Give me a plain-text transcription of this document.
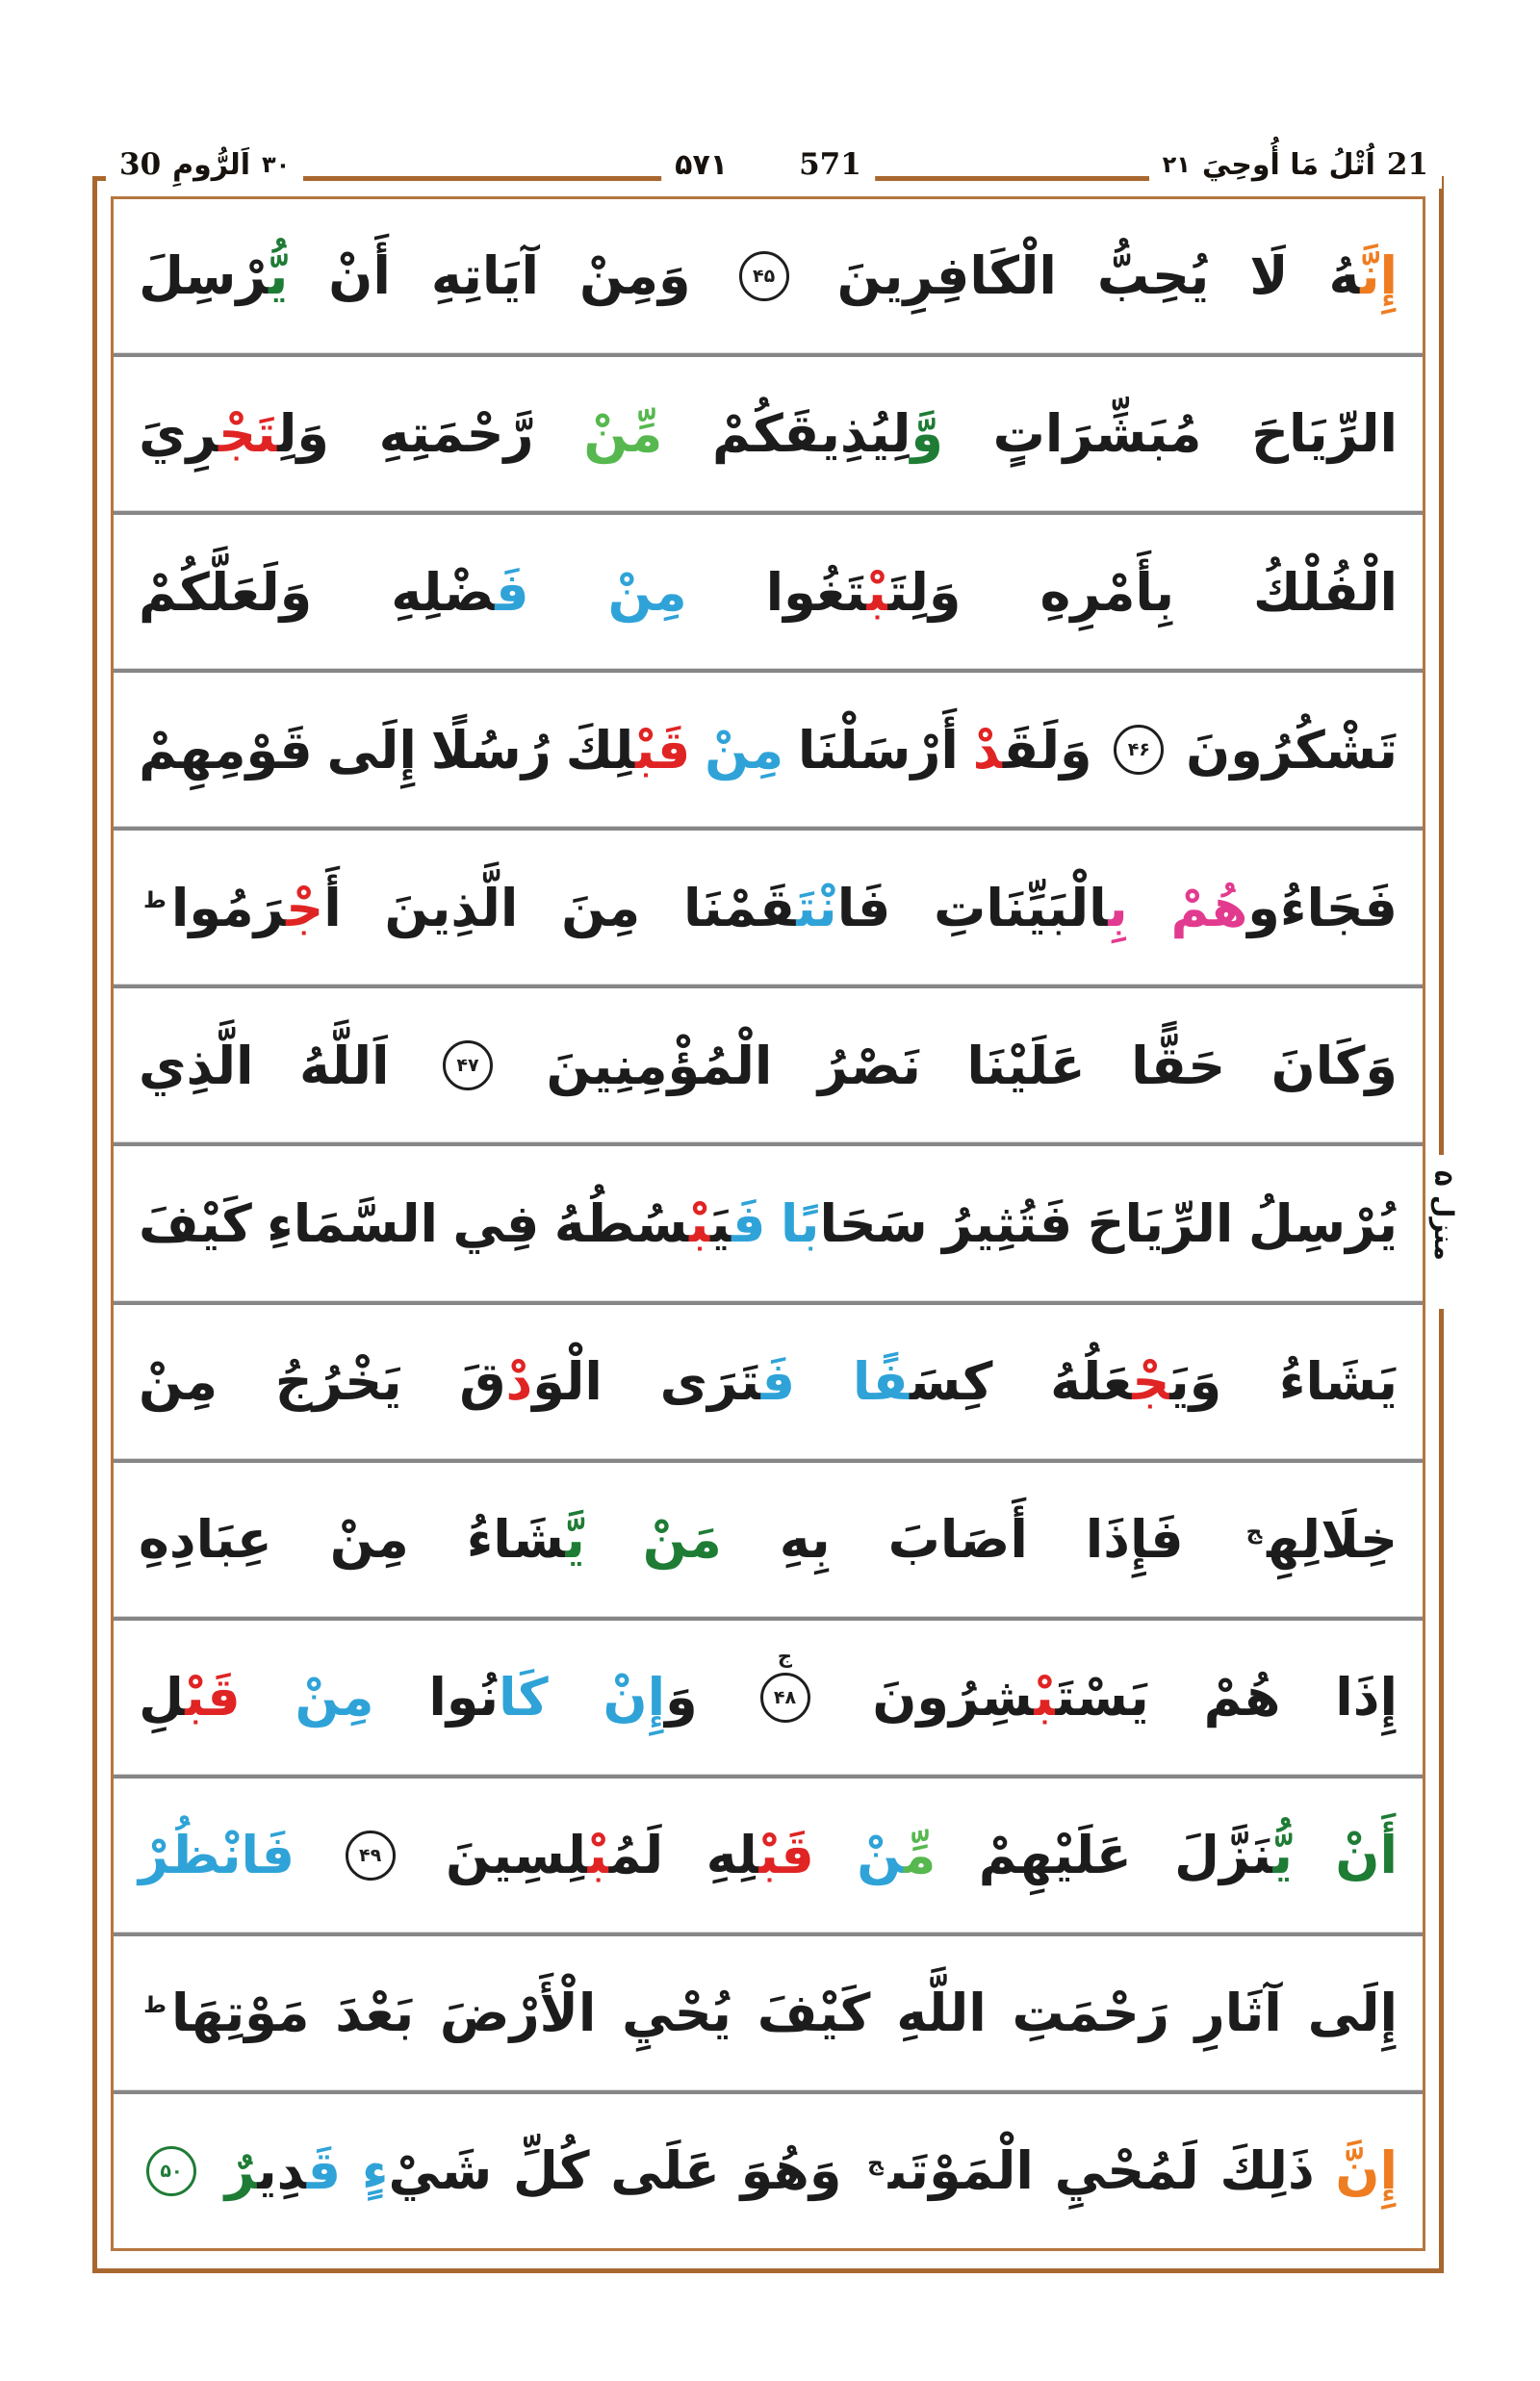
30 اَلرُّومِ ۳۰	۵۷۱ 571	۲۱ اُتْلُ مَا أُوحِيَ 21
منزل ۵
إِنَّ‍‍هُ
لَا
يُحِبُّ
الْكَافِرِينَ
۴۵
وَمِنْ
آيَاتِهِ
أَنْ
يُّ‍‍رْسِلَ
الرِّيَاحَ
مُبَشِّرَاتٍ
وَّلِيُذِيقَكُمْ
مِّنْ
رَّحْمَتِهِ
وَلِ‍‍تَجْ‍‍رِيَ
الْفُلْكُ
بِأَمْرِهِ
وَلِتَ‍‍بْ‍‍تَغُوا
مِنْ
فَ‍‍ضْلِهِ
وَلَعَلَّكُمْ
تَشْكُرُونَ
۴۶
وَلَقَ‍‍دْ
أَرْسَلْنَا
مِنْ
قَبْ‍‍لِكَ
رُسُلًا
إِلَى
قَوْمِهِمْ
فَجَاءُوهُمْ
بِ‍‍الْبَيِّنَاتِ
فَانْتَ‍‍قَمْنَا
مِنَ
الَّذِينَ
أَجْ‍‍رَمُوا$^ط$
وَكَانَ
حَقًّا
عَلَيْنَا
نَصْرُ
الْمُؤْمِنِينَ
۴۷
اَللَّهُ
الَّذِي
يُرْسِلُ
الرِّيَاحَ
فَتُثِيرُ
سَحَابًا
فَ‍‍يَ‍‍بْ‍‍سُطُهُ
فِي
السَّمَاءِ
كَيْفَ
يَشَاءُ
وَيَ‍‍جْ‍‍عَلُهُ
كِسَ‍‍فًا
فَ‍‍تَرَى
الْوَدْقَ
يَخْرُجُ
مِنْ
خِلَالِهِ$^ج$
فَإِذَا
أَصَابَ
بِهِ
مَنْ
يَّ‍‍شَاءُ
مِنْ
عِبَادِهِ
إِذَا
هُمْ
يَسْتَ‍‍بْ‍‍شِرُونَ
۴۸
ج
وَإِنْ
كَانُوا
مِنْ
قَبْ‍‍لِ
أَنْ
يُّ‍‍نَزَّلَ
عَلَيْهِمْ
مِّ‍‍نْ
قَبْ‍‍لِهِ
لَمُ‍‍بْ‍‍لِسِينَ
۴۹
فَانْظُرْ
إِلَى
آثَارِ
رَحْمَتِ
اللَّهِ
كَيْفَ
يُحْيِ
الْأَرْضَ
بَعْدَ
مَوْتِهَا$^ط$
إِنَّ
ذَلِكَ
لَمُحْيِ
الْمَوْتَى$^ج$
وَهُوَ
عَلَى
كُلِّ
شَيْءٍ
قَ‍‍دِي‍‍رٌ
۵۰
